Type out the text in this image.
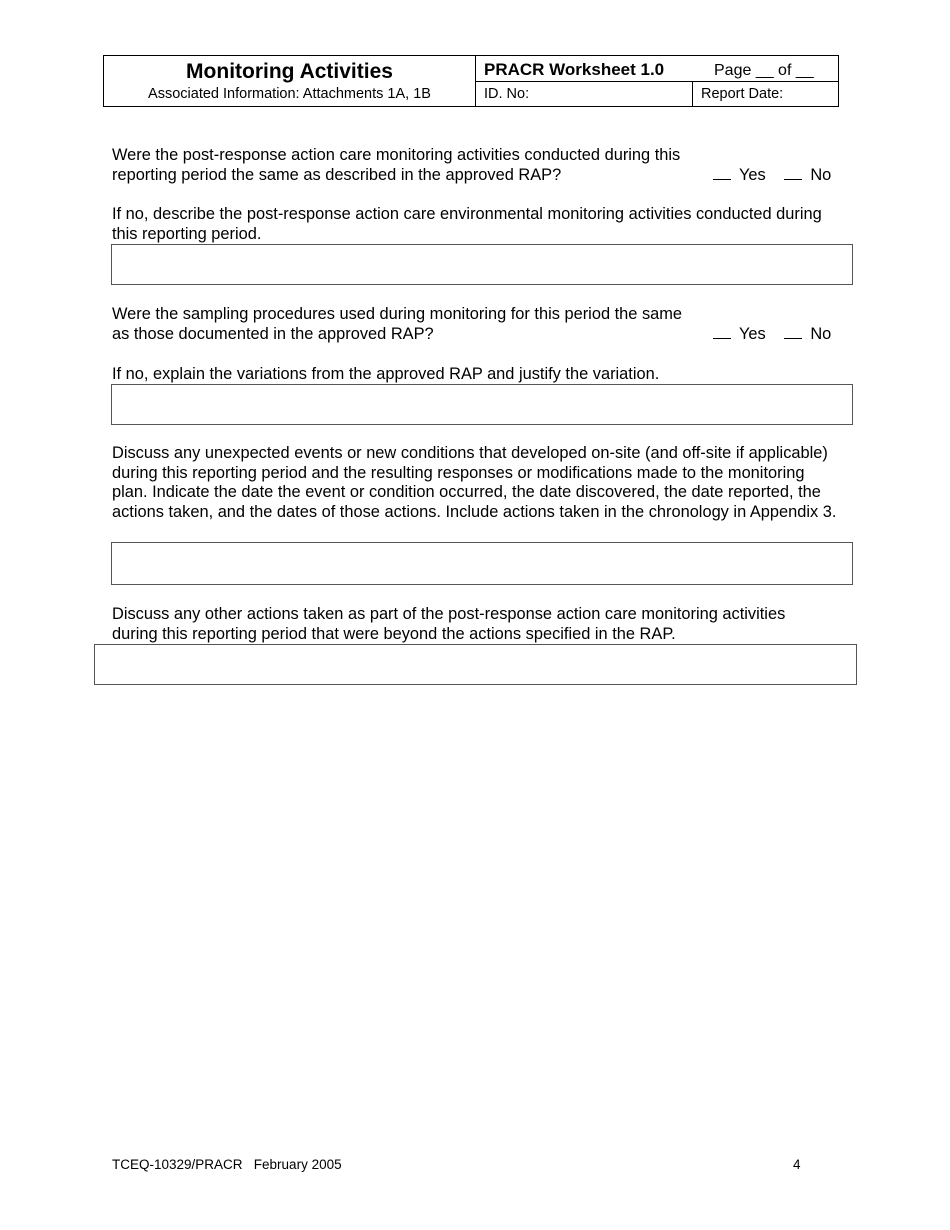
Monitoring Activities
Associated Information: Attachments 1A, 1B
PRACR Worksheet 1.0	Page __ of __
ID. No:	Report Date:
Were the post-response action care monitoring activities conducted during this reporting period the same as described in the approved RAP?	Yes	No
If no, describe the post-response action care environmental monitoring activities conducted during this reporting period.
Were the sampling procedures used during monitoring for this period the same as those documented in the approved RAP?	Yes	No
If no, explain the variations from the approved RAP and justify the variation.
Discuss any unexpected events or new conditions that developed on-site (and off-site if applicable) during this reporting period and the resulting responses or modifications made to the monitoring plan. Indicate the date the event or condition occurred, the date discovered, the date reported, the actions taken, and the dates of those actions. Include actions taken in the chronology in Appendix 3.
Discuss any other actions taken as part of the post-response action care monitoring activities during this reporting period that were beyond the actions specified in the RAP.
TCEQ-10329/PRACR   February 2005	4
